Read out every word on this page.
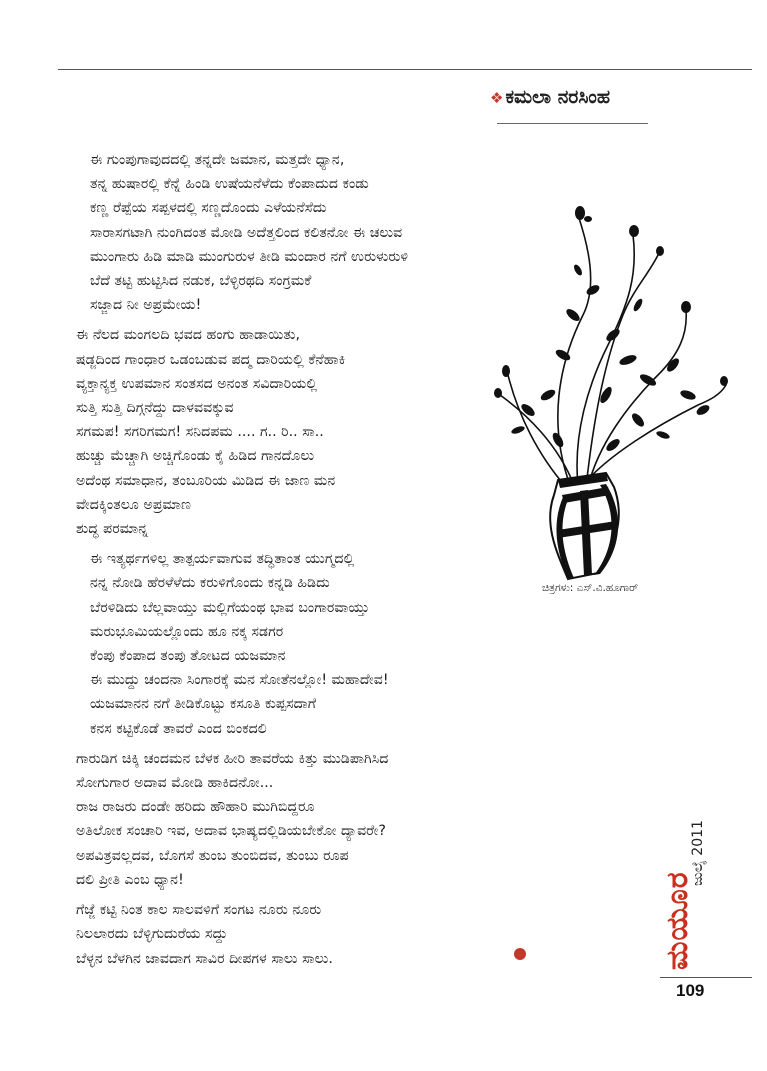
❖ ಕಮಲಾ ನರಸಿಂಹ
ಈ ಗುಂಪುಗಾವುದದಲ್ಲಿ ತನ್ನದೇ ಜಮಾನ, ಮತ್ತದೇ ಧ್ಯಾನ,
ತನ್ನ ಹುಷಾರಲ್ಲಿ ಕೆನ್ನೆ ಹಿಂಡಿ ಉಷೆಯನೆಳೆದು ಕೆಂಪಾದುದ ಕಂಡು
ಕಣ್ಣ ರೆಪ್ಪೆಯ ಸಪ್ಪಳದಲ್ಲಿ ಸಣ್ಣದೊಂದು ಎಳೆಯನೆಸೆದು
ಸಾರಾಸಗಟಾಗಿ ನುಂಗಿದಂತ ಮೋಡಿ ಅದೆತ್ತಲಿಂದ ಕಲಿತನೋ ಈ ಚಲುವ
ಮುಂಗಾರು ಹಿಡಿ ಮಾಡಿ ಮುಂಗುರುಳ ತೀಡಿ ಮಂದಾರ ನಗೆ ಉರುಳುರುಳಿ
ಬೆದೆ ತಟ್ಟಿ ಹುಟ್ಟಿಸಿದ ನಡುಕ, ಬೆಳ್ಳಿರಥದಿ ಸಂಗ್ರಮಕೆ
ಸಜ್ಜಾದ ನೀ ಅಪ್ರಮೇಯ!
ಈ ನೆಲದ ಮಂಗಲದಿ ಭವದ ಹಂಗು ಹಾಡಾಯಿತು,
ಷಡ್ಜದಿಂದ ಗಾಂಧಾರ ಒಡಂಬಡುವ ಪದ್ಮ ದಾರಿಯಲ್ಲಿ ಕೆನೆಹಾಕಿ
ವ್ಯಕ್ತಾನ್ಯಕ್ತ ಉಪಮಾನ ಸಂತಸದ ಅನಂತ ಸವಿದಾರಿಯಲ್ಲಿ
ಸುತ್ತಿ ಸುತ್ತಿ ದಿಗ್ಗನೆದ್ದು ದಾಳವವಕ್ಕುವ
ಸಗಮಪ! ಸಗರಿಗಮಗ! ಸನಿದಪಮ .... ಗ.. ರಿ.. ಸಾ..
ಹುಚ್ಚು ಮೆಚ್ಚಾಗಿ ಅಚ್ಚಿಗೊಂಡು ಕೈ ಹಿಡಿದ ಗಾನದೊಲು
ಅದೆಂಥ ಸಮಾಧಾನ, ತಂಬೂರಿಯ ಮಿಡಿದ ಈ ಜಾಣ ಮನ
ವೇದಕ್ಕಿಂತಲೂ ಅಪ್ರಮಾಣ
ಶುದ್ಧ ಪರಮಾನ್ನ
ಈ ಇತ್ಯರ್ಥಗಳಿಲ್ಲ ತಾತ್ಪರ್ಯವಾಗುವ ತದ್ಧಿತಾಂತ ಯುಗ್ಮದಲ್ಲಿ
ನನ್ನ ನೋಡಿ ಹೆರಳೆಳೆದು ಕರುಳಿಗೊಂದು ಕನ್ನಡಿ ಹಿಡಿದು
ಬೆರಳಿಡಿದು ಬೆಲ್ಲವಾಯ್ತು ಮಲ್ಲಿಗೆಯಂಥ ಭಾವ ಬಂಗಾರವಾಯ್ತು
ಮರುಭೂಮಿಯಲ್ಲೊಂದು ಹೂ ನಕ್ಕ ಸಡಗರ
ಕೆಂಪು ಕೆಂಪಾದ ತಂಪು ತೋಟದ ಯಜಮಾನ
ಈ ಮುದ್ದು ಚಂದನಾ ಸಿಂಗಾರಕ್ಕೆ ಮನ ಸೋತೆನಲ್ಲೋ! ಮಹಾದೇವ!
ಯಜಮಾನನ ನಗೆ ತೀಡಿಕೊಟ್ಟು ಕಸೂತಿ ಕುಪ್ಪಸದಾಗೆ
ಕನಸ ಕಟ್ಟಿಕೊಡೆ ತಾವರೆ ಎಂದ ಬಿಂಕದಲಿ
ಗಾರುಡಿಗ ಚಿಕ್ಕಿ ಚಂದಮನ ಬೆಳಕ ಹೀರಿ ತಾವರೆಯ ಕಿತ್ತು ಮುಡಿಪಾಗಿಸಿದ
ಸೋಗುಗಾರ ಅದಾವ ಮೋಡಿ ಹಾಕಿದನೋ...
ರಾಜ ರಾಜರು ದಂಡೇ ಹರಿದು ಹೌಹಾರಿ ಮುಗಿಬಿದ್ದರೂ
ಅತಿಲೋಕ ಸಂಚಾರಿ ಇವ, ಅದಾವ ಭಾಷ್ಯದಲ್ಲಿಡಿಯಬೇಕೋ ದ್ಯಾವರೇ?
ಅಪವಿತ್ರವಲ್ಲದವ, ಬೊಗಸೆ ತುಂಬ ತುಂಬಿದವ, ತುಂಬು ರೂಪ
ದಲಿ ಪ್ರೀತಿ ಎಂಬ ಧ್ಯಾನ!
ಗೆಜ್ಜೆ ಕಟ್ಟಿ ನಿಂತ ಕಾಲ ಸಾಲವಳಿಗೆ ಸಂಗಟ ನೂರು ನೂರು
ನಿಲಲಾರದು ಬೆಳ್ಳಿಗುದುರೆಯ ಸದ್ದು
ಬೆಳ್ಳನ ಬೆಳಗಿನ ಜಾವದಾಗ ಸಾವಿರ ದೀಪಗಳ ಸಾಲು ಸಾಲು.
ಚಿತ್ರಗಳು: ಎಸ್.ವಿ.ಹೂಗಾರ್
ಮಯೂರ
ಜುಲೈ 2011
109
